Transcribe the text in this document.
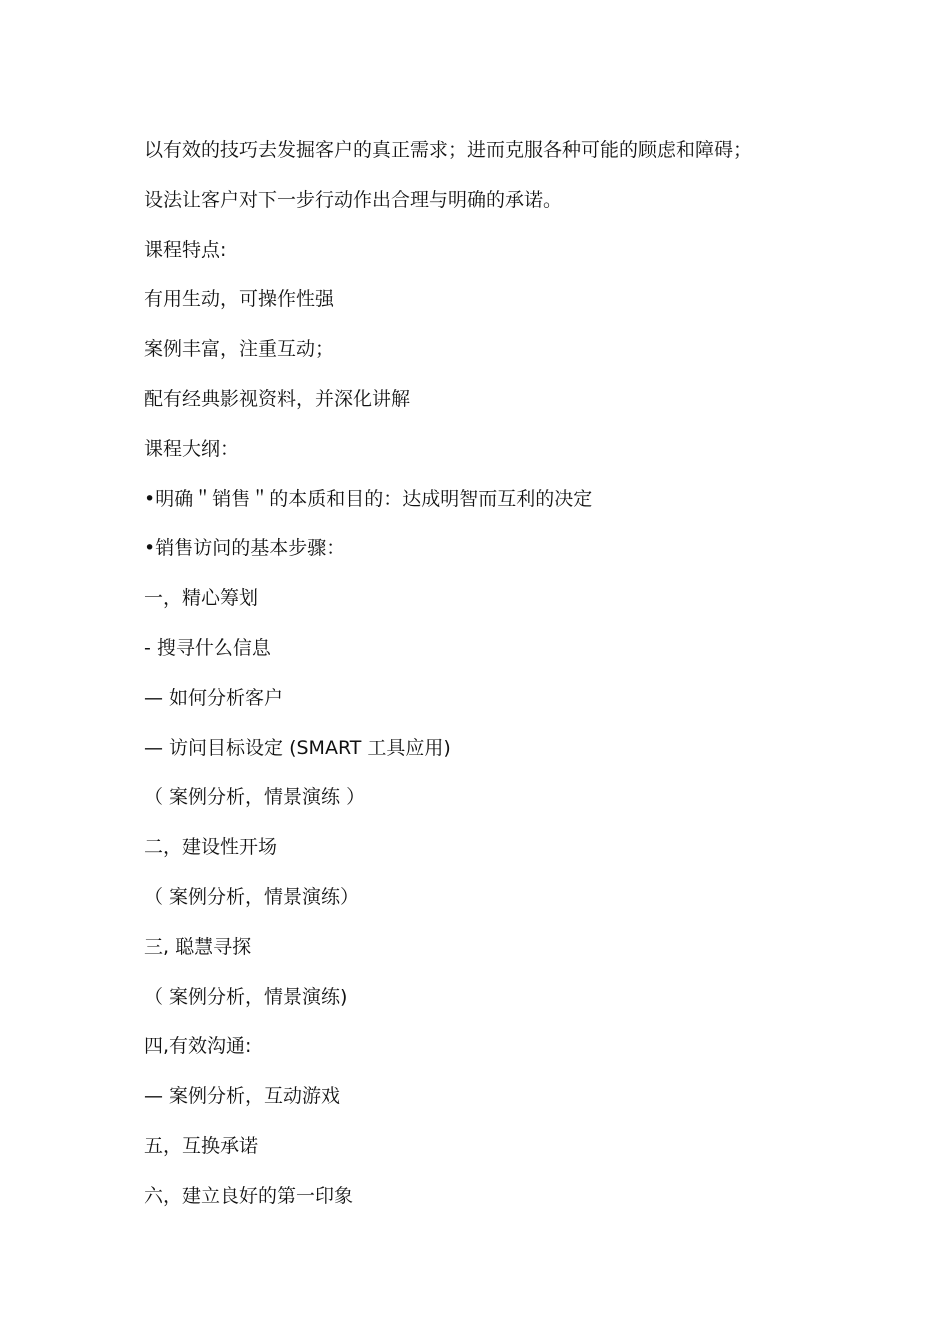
以有效的技巧去发掘客户的真正需求；进而克服各种可能的顾虑和障碍；
设法让客户对下一步行动作出合理与明确的承诺。
课程特点:
有用生动，可操作性强
案例丰富，注重互动；
配有经典影视资料，并深化讲解
课程大纲：
•明确＂销售＂的本质和目的：达成明智而互利的决定
•销售访问的基本步骤：
一，精心筹划
- 搜寻什么信息
— 如何分析客户
— 访问目标设定 (SMART 工具应用)
（ 案例分析，情景演练 ）
二，建设性开场
（ 案例分析，情景演练）
三, 聪慧寻探
（ 案例分析，情景演练)
四,有效沟通:
— 案例分析，互动游戏
五，互换承诺
六，建立良好的第一印象
